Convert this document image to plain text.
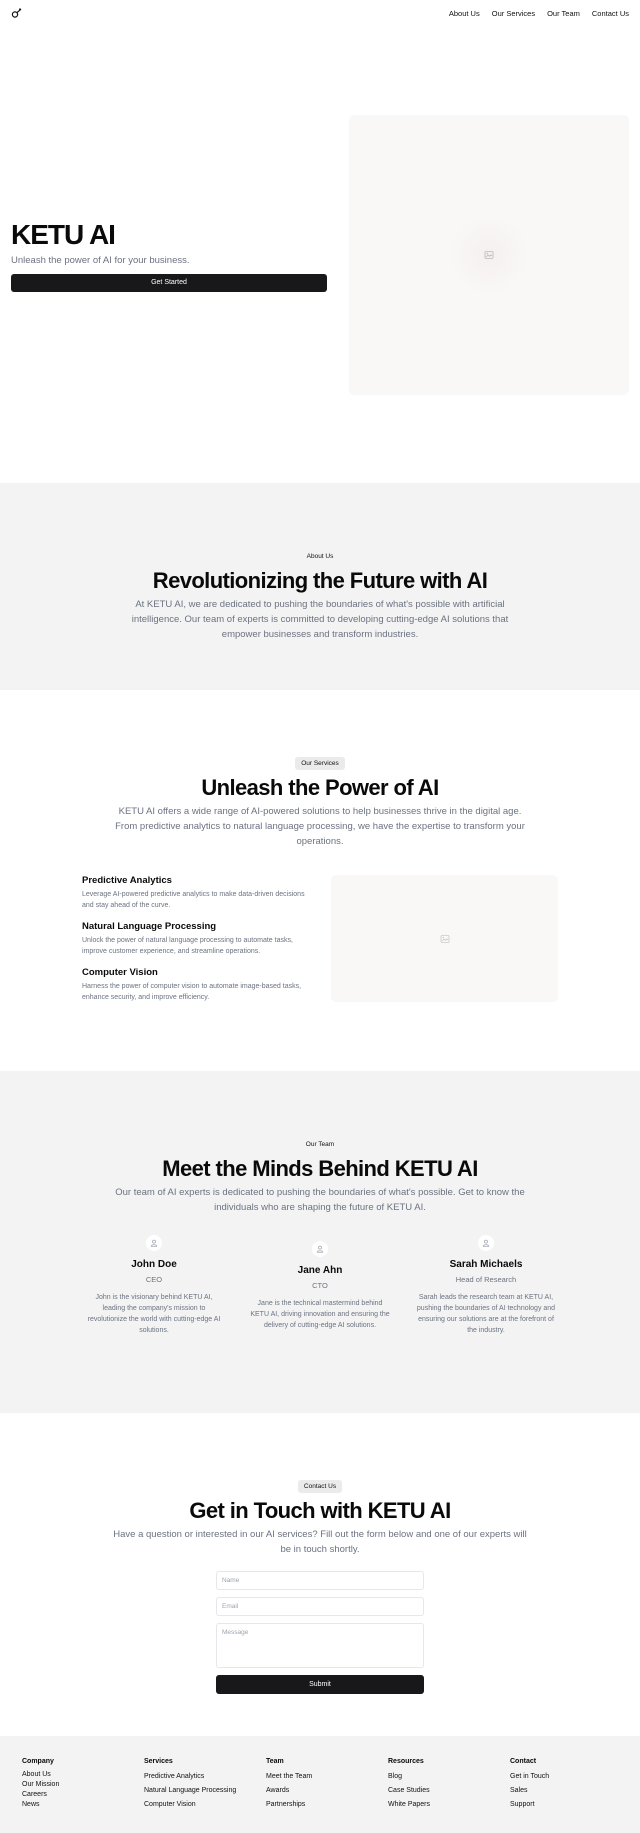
About Us Our Services Our Team Contact Us
KETU AI

Unleash the power of AI for your business.

Get Started
About Us
Revolutionizing the Future with AI

At KETU AI, we are dedicated to pushing the boundaries of what's possible with artificial intelligence. Our team of experts is committed to developing cutting-edge AI solutions that empower businesses and transform industries.

Our Services
Unleash the Power of AI

KETU AI offers a wide range of AI-powered solutions to help businesses thrive in the digital age. From predictive analytics to natural language processing, we have the expertise to transform your operations.

Predictive Analytics

Leverage AI-powered predictive analytics to make data-driven decisions and stay ahead of the curve.

Natural Language Processing

Unlock the power of natural language processing to automate tasks, improve customer experience, and streamline operations.

Computer Vision

Harness the power of computer vision to automate image-based tasks, enhance security, and improve efficiency.

Our Team
Meet the Minds Behind KETU AI

Our team of AI experts is dedicated to pushing the boundaries of what's possible. Get to know the individuals who are shaping the future of KETU AI.

John Doe

CEO

John is the visionary behind KETU AI, leading the company's mission to revolutionize the world with cutting-edge AI solutions.

Jane Ahn

CTO

Jane is the technical mastermind behind KETU AI, driving innovation and ensuring the delivery of cutting-edge AI solutions.

Sarah Michaels

Head of Research

Sarah leads the research team at KETU AI, pushing the boundaries of AI technology and ensuring our solutions are at the forefront of the industry.

Contact Us
Get in Touch with KETU AI

Have a question or interested in our AI services? Fill out the form below and one of our experts will be in touch shortly.

Name
Email
Message
Submit
Company
About Us
Our Mission
Careers
News
Services
Predictive Analytics
Natural Language Processing
Computer Vision
Team
Meet the Team
Awards
Partnerships
Resources
Blog
Case Studies
White Papers
Contact
Get in Touch
Sales
Support
